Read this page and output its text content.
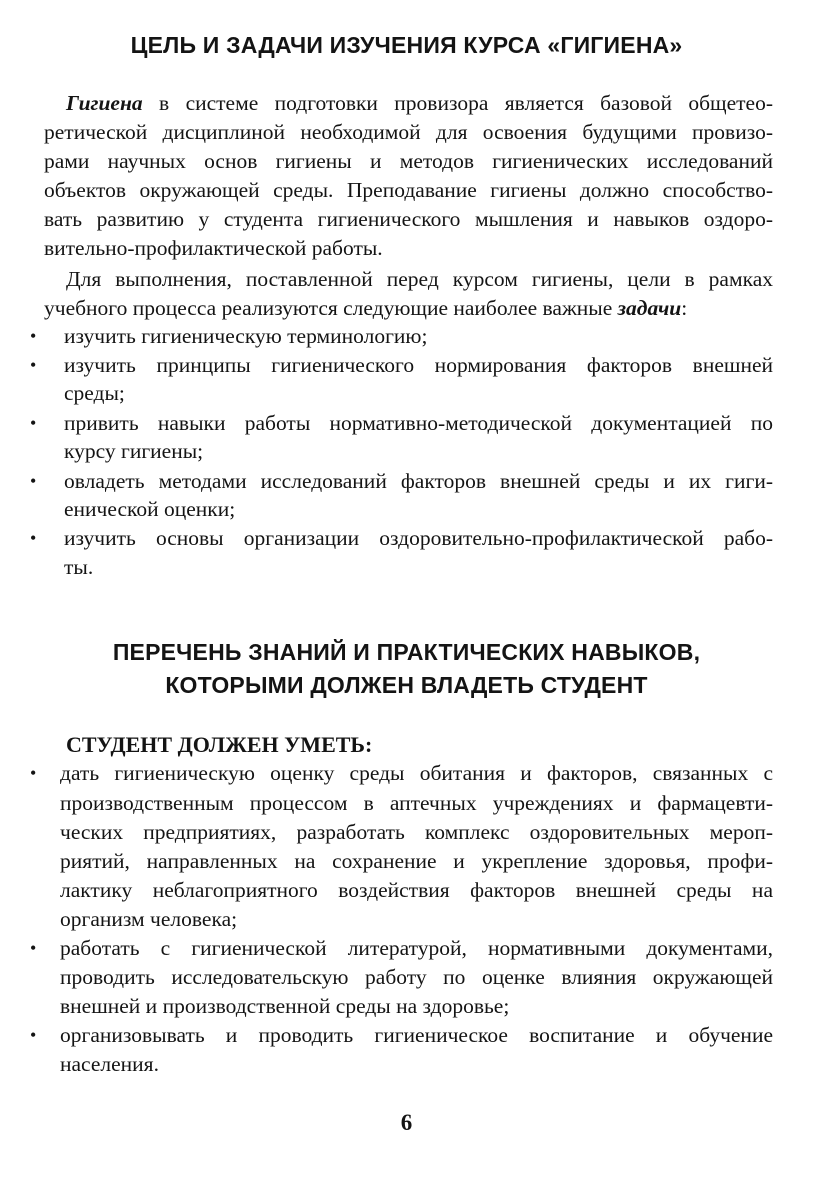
ЦЕЛЬ И ЗАДАЧИ ИЗУЧЕНИЯ КУРСА «ГИГИЕНА»

Гигиена в системе подготовки провизора является базовой общетео-

ретической дисциплиной необходимой для освоения будущими провизо-

рами научных основ гигиены и методов гигиенических исследований

объектов окружающей среды. Преподавание гигиены должно способство-

вать развитию у студента гигиенического мышления и навыков оздоро-

вительно-профилактической работы.

Для выполнения, поставленной перед курсом гигиены, цели в рамках

учебного процесса реализуются следующие наиболее важные задачи:

• изучить гигиеническую терминологию;

• изучить принципы гигиенического нормирования факторов внешней

среды;

• привить навыки работы нормативно-методической документацией по

курсу гигиены;

• овладеть методами исследований факторов внешней среды и их гиги-

енической оценки;

• изучить основы организации оздоровительно-профилактической рабо-

ты.

ПЕРЕЧЕНЬ ЗНАНИЙ И ПРАКТИЧЕСКИХ НАВЫКОВ,
КОТОРЫМИ ДОЛЖЕН ВЛАДЕТЬ СТУДЕНТ

СТУДЕНТ ДОЛЖЕН УМЕТЬ:

• дать гигиеническую оценку среды обитания и факторов, связанных с

производственным процессом в аптечных учреждениях и фармацевти-

ческих предприятиях, разработать комплекс оздоровительных мероп-

риятий, направленных на сохранение и укрепление здоровья, профи-

лактику неблагоприятного воздействия факторов внешней среды на

организм человека;

• работать с гигиенической литературой, нормативными документами,

проводить исследовательскую работу по оценке влияния окружающей

внешней и производственной среды на здоровье;

• организовывать и проводить гигиеническое воспитание и обучение

населения.

6
